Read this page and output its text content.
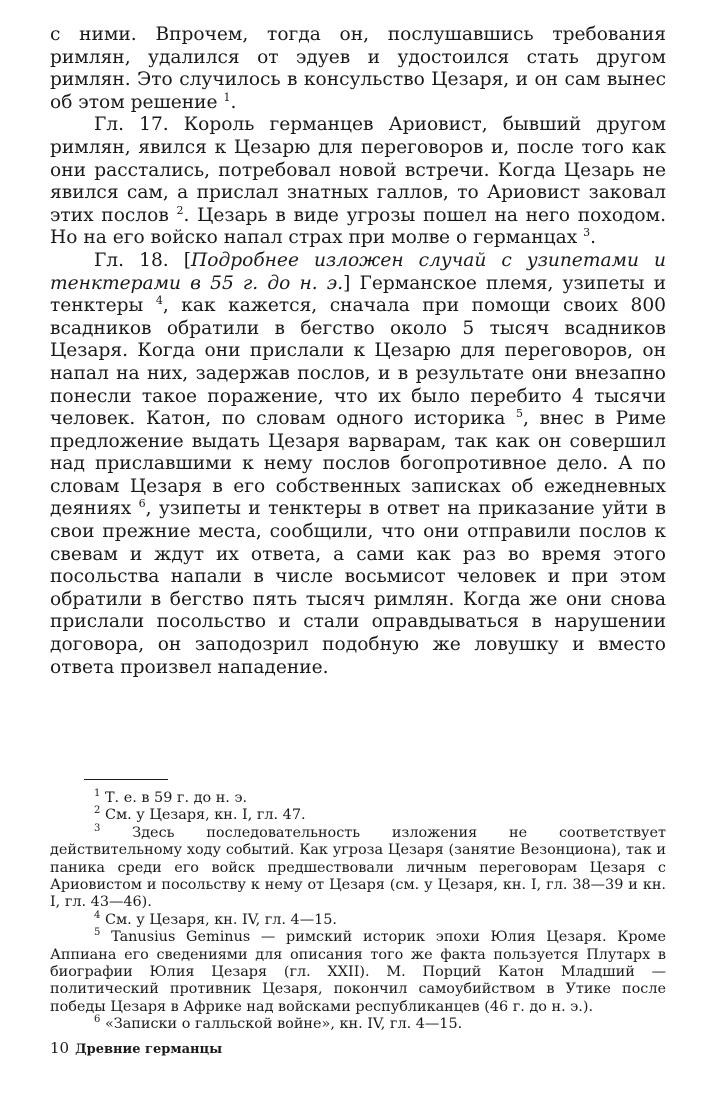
с ними. Впрочем, тогда он, послушавшись требования римлян, удалился от эдуев и удостоился стать другом римлян. Это случилось в консульство Цезаря, и он сам вынес об этом решение $^1$.

Гл. 17. Король германцев Ариовист, бывший другом римлян, явился к Цезарю для переговоров и, после того как они расстались, потребовал новой встречи. Когда Цезарь не явился сам, а прислал знатных галлов, то Ариовист заковал этих послов $^2$. Цезарь в виде угрозы пошел на него походом. Но на его войско напал страх при молве о германцах $^3$.

Гл. 18. [Подробнее изложен случай с узипетами и тенктерами в 55 г. до н. э.] Германское племя, узипеты и тенктеры $^4$, как кажется, сначала при помощи своих 800 всадников обратили в бегство около 5 тысяч всадников Цезаря. Когда они прислали к Цезарю для переговоров, он напал на них, задержав послов, и в результате они внезапно понесли такое поражение, что их было перебито 4 тысячи человек. Катон, по словам одного историка $^5$, внес в Риме предложение выдать Цезаря варварам, так как он совершил над приславшими к нему послов богопротивное дело. А по словам Цезаря в его собственных записках об ежедневных деяниях $^6$, узипеты и тенктеры в ответ на приказание уйти в свои прежние места, сообщили, что они отправили послов к свевам и ждут их ответа, а сами как раз во время этого посольства напали в числе восьмисот человек и при этом обратили в бегство пять тысяч римлян. Когда же они снова прислали посольство и стали оправдываться в нарушении договора, он заподозрил подобную же ловушку и вместо ответа произвел нападение.

$^1$ Т. е. в 59 г. до н. э.

$^2$ См. у Цезаря, кн. I, гл. 47.

$^3$ Здесь последовательность изложения не соответствует действительному ходу событий. Как угроза Цезаря (занятие Везонциона), так и паника среди его войск предшествовали личным переговорам Цезаря с Ариовистом и посольству к нему от Цезаря (см. у Цезаря, кн. I, гл. 38—39 и кн. I, гл. 43—46).

$^4$ См. у Цезаря, кн. IV, гл. 4—15.

$^5$ Tanusius Geminus — римский историк эпохи Юлия Цезаря. Кроме Аппиана его сведениями для описания того же факта пользуется Плутарх в биографии Юлия Цезаря (гл. XXII). М. Порций Катон Младший — политический противник Цезаря, покончил самоубийством в Утике после победы Цезаря в Африке над войсками республиканцев (46 г. до н. э.).

$^6$ «Записки о галльской войне», кн. IV, гл. 4—15.

10 Древние германцы
